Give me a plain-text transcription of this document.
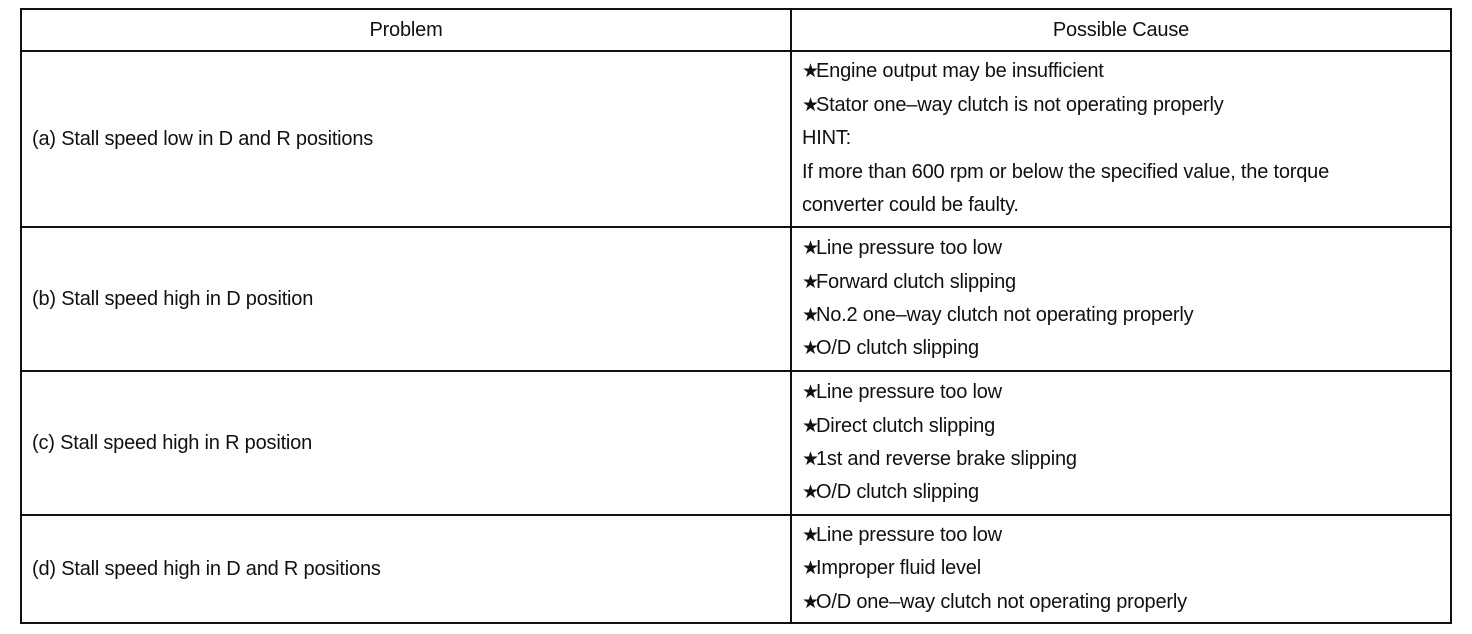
Problem	Possible Cause
(a) Stall speed low in D and R positions	★Engine output may be insufficient
★Stator one–way clutch is not operating properly
HINT:
If more than 600 rpm or below the specified value, the torque
converter could be faulty.

(b) Stall speed high in D position	★Line pressure too low
★Forward clutch slipping
★No.2 one–way clutch not operating properly
★O/D clutch slipping

(c) Stall speed high in R position	★Line pressure too low
★Direct clutch slipping
★1st and reverse brake slipping
★O/D clutch slipping

(d) Stall speed high in D and R positions	★Line pressure too low
★Improper fluid level
★O/D one–way clutch not operating properly
